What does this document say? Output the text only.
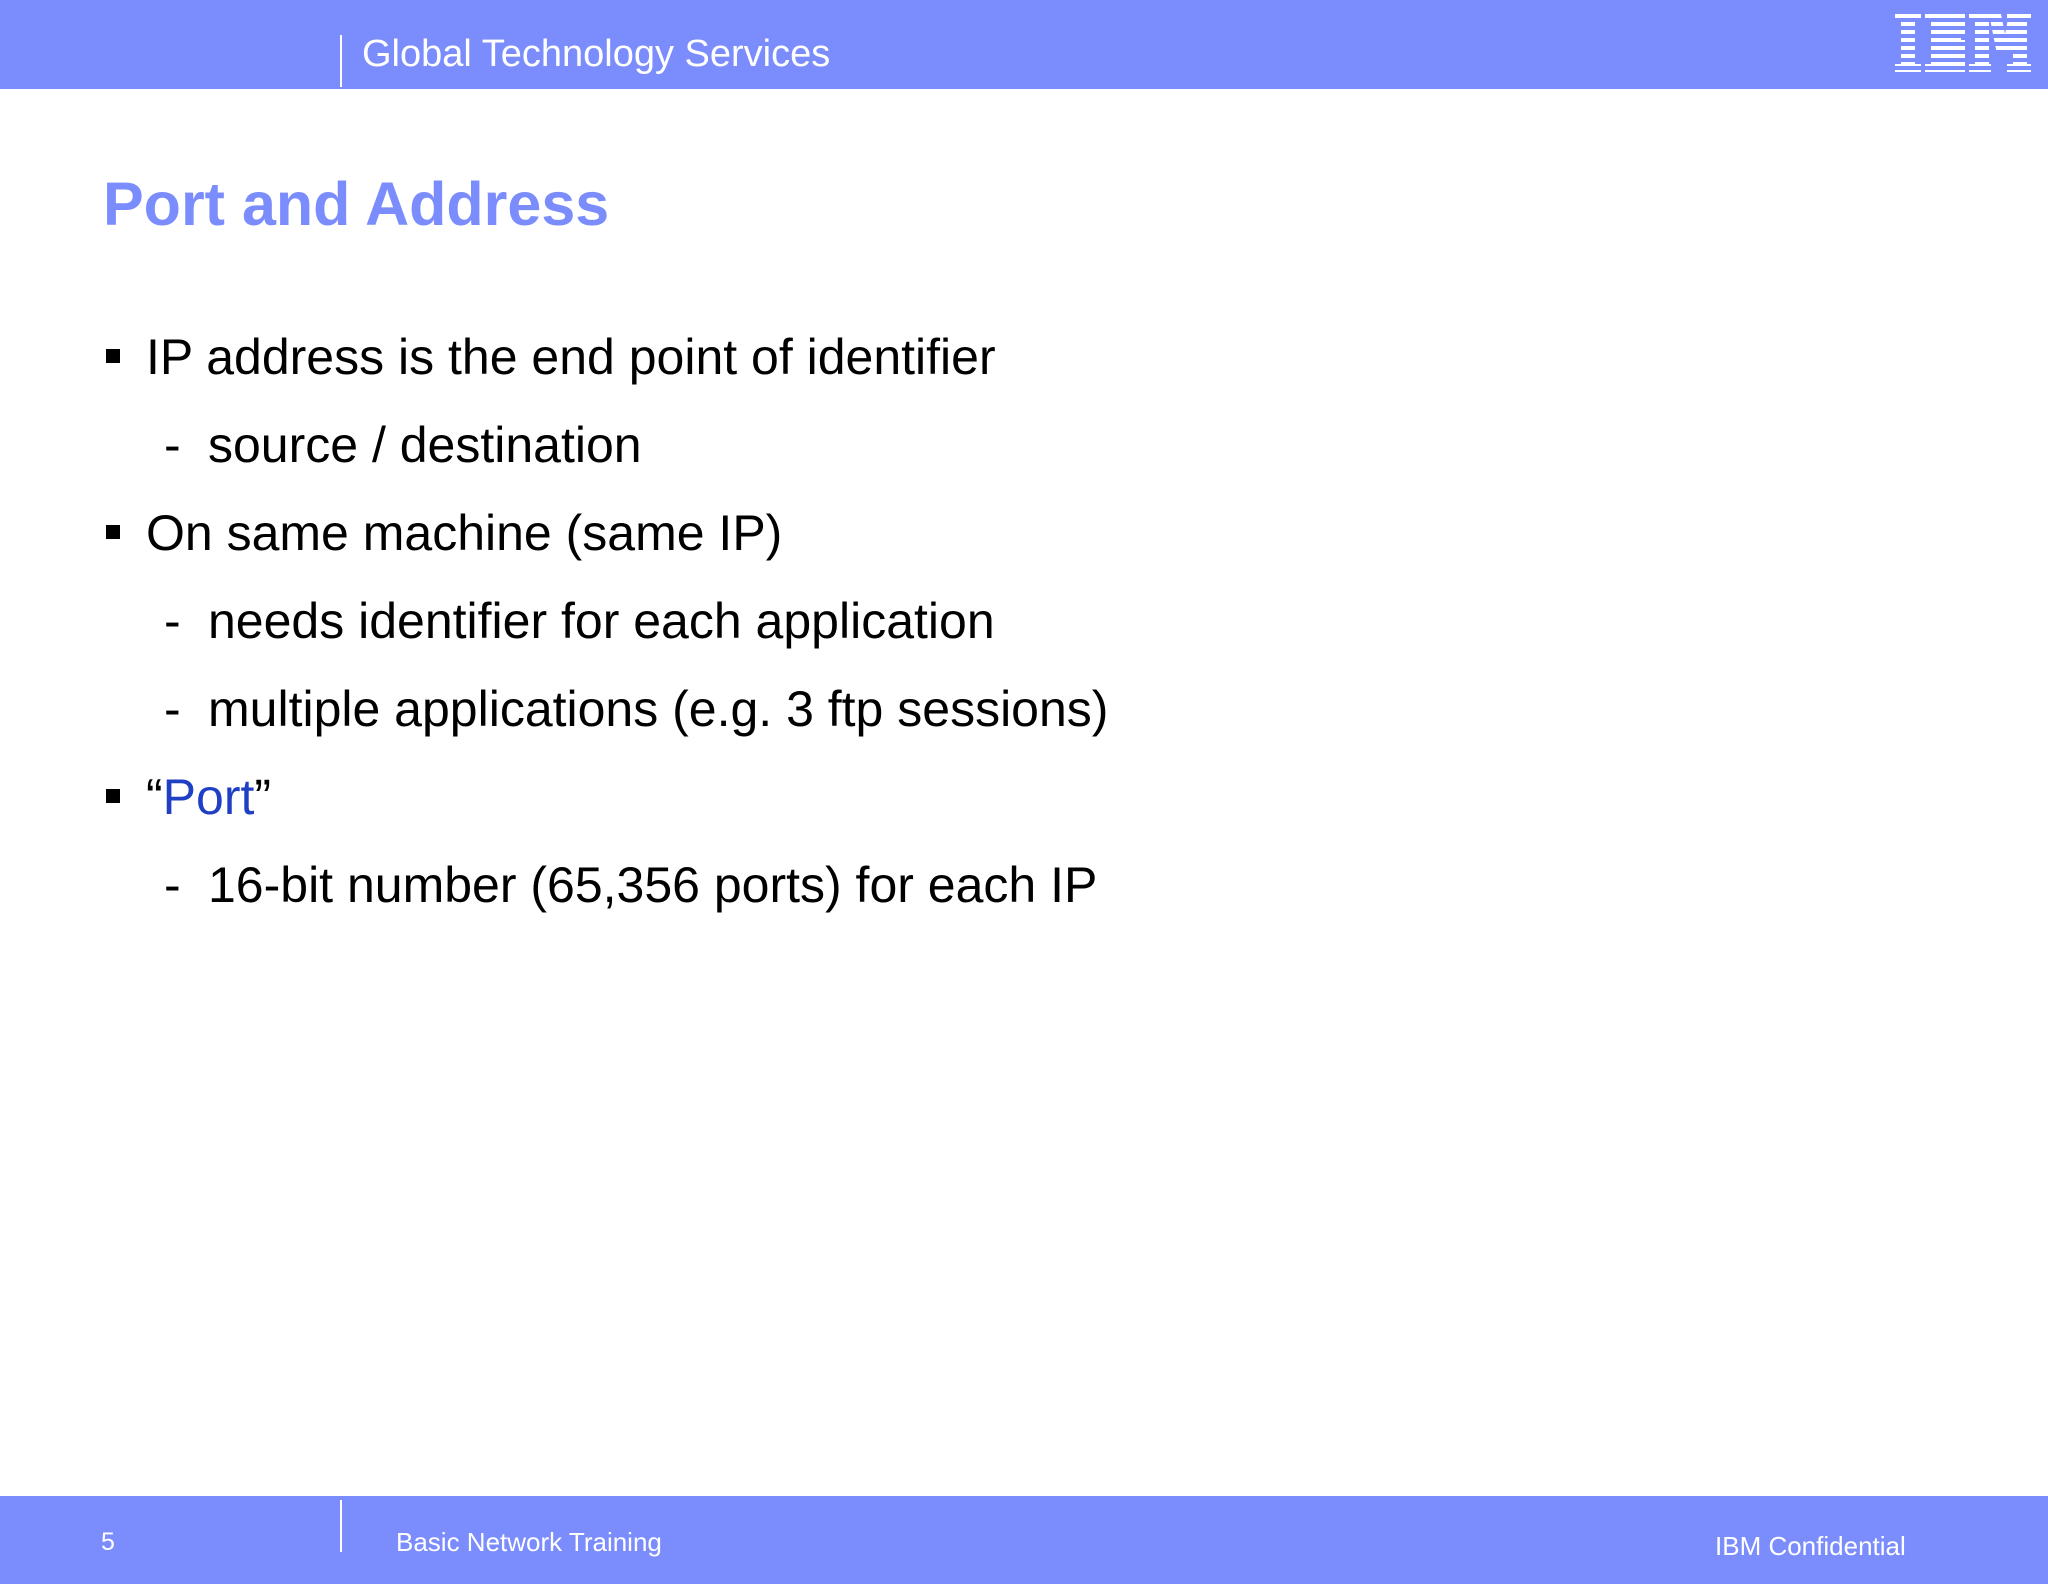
Global Technology Services
Port and Address
IP address is the end point of identifier
- source / destination
On same machine (same IP)
- needs identifier for each application
- multiple applications (e.g. 3 ftp sessions)
“Port”
- 16-bit number (65,356 ports) for each IP
5	Basic Network Training	IBM Confidential
